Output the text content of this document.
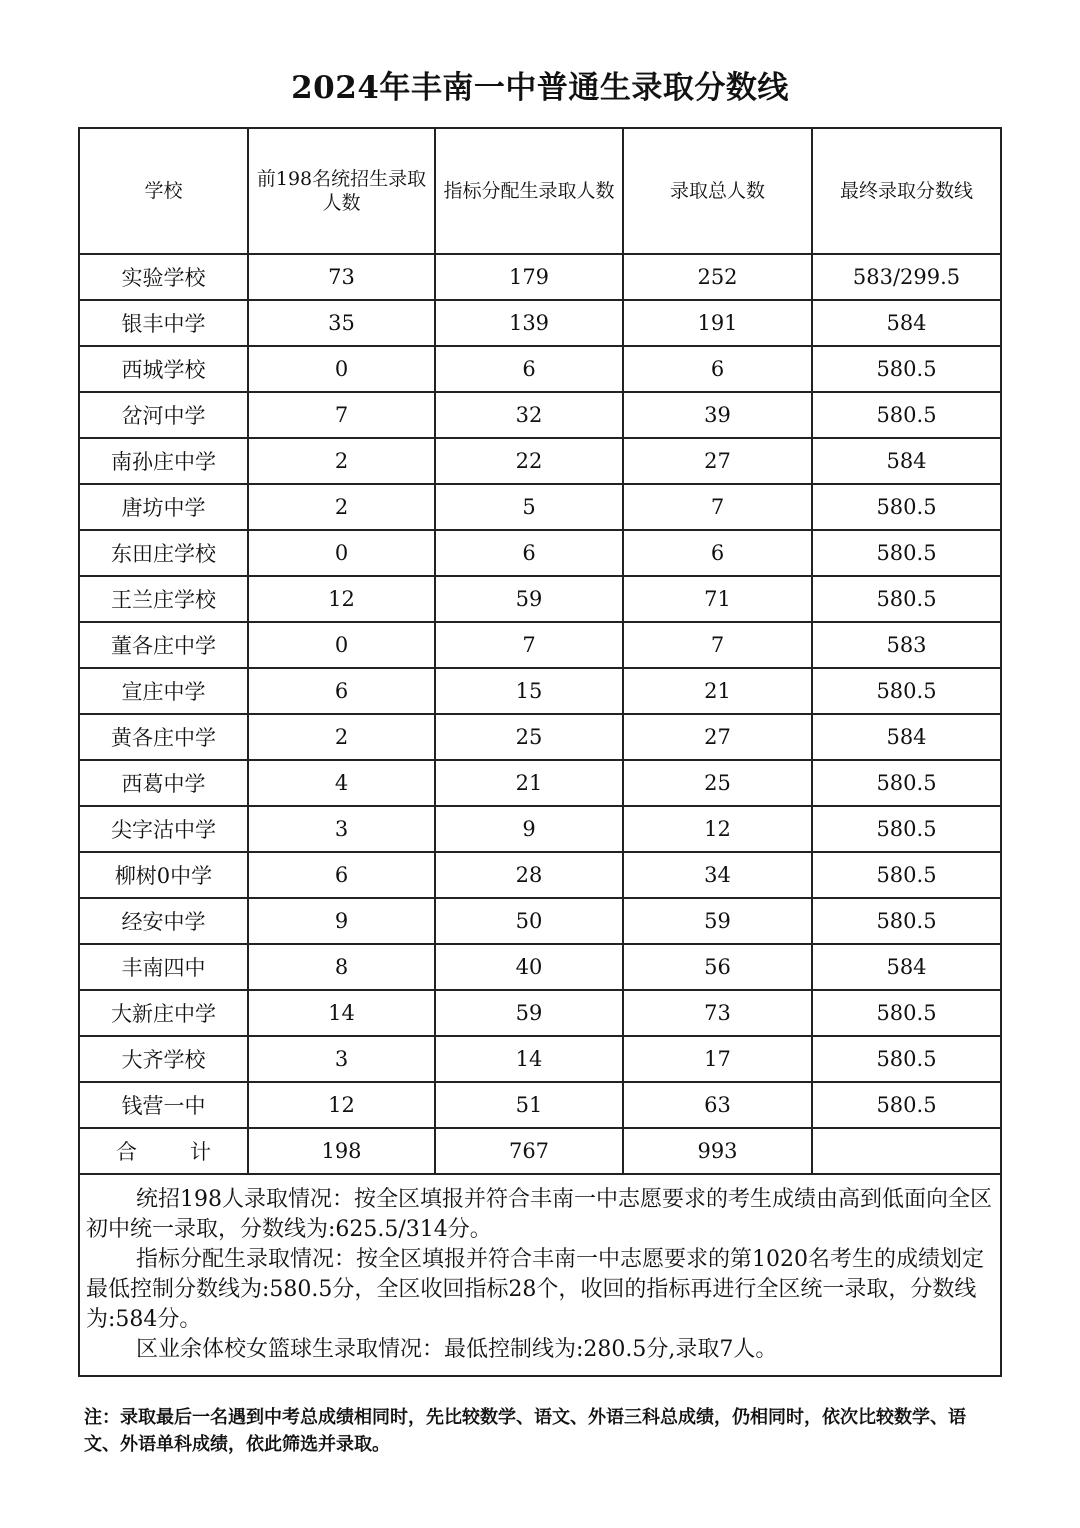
2024年丰南一中普通生录取分数线
学校	前198名统招生录取人数	指标分配生录取人数	录取总人数	最终录取分数线
实验学校	73	179	252	583/299.5
银丰中学	35	139	191	584
西城学校	0	6	6	580.5
岔河中学	7	32	39	580.5
南孙庄中学	2	22	27	584
唐坊中学	2	5	7	580.5
东田庄学校	0	6	6	580.5
王兰庄学校	12	59	71	580.5
董各庄中学	0	7	7	583
宣庄中学	6	15	21	580.5
黄各庄中学	2	25	27	584
西葛中学	4	21	25	580.5
尖字沽中学	3	9	12	580.5
柳树0中学	6	28	34	580.5
经安中学	9	50	59	580.5
丰南四中	8	40	56	584
大新庄中学	14	59	73	580.5
大齐学校	3	14	17	580.5
钱营一中	12	51	63	580.5
合 计	198	767	993	

统招198人录取情况：按全区填报并符合丰南一中志愿要求的考生成绩由高到低面向全区初中统一录取，分数线为:625.5/314分。

指标分配生录取情况：按全区填报并符合丰南一中志愿要求的第1020名考生的成绩划定最低控制分数线为:580.5分，全区收回指标28个，收回的指标再进行全区统一录取，分数线为:584分。

区业余体校女篮球生录取情况：最低控制线为:280.5分,录取7人。				

注：录取最后一名遇到中考总成绩相同时，先比较数学、语文、外语三科总成绩，仍相同时，依次比较数学、语文、外语单科成绩，依此筛选并录取。
